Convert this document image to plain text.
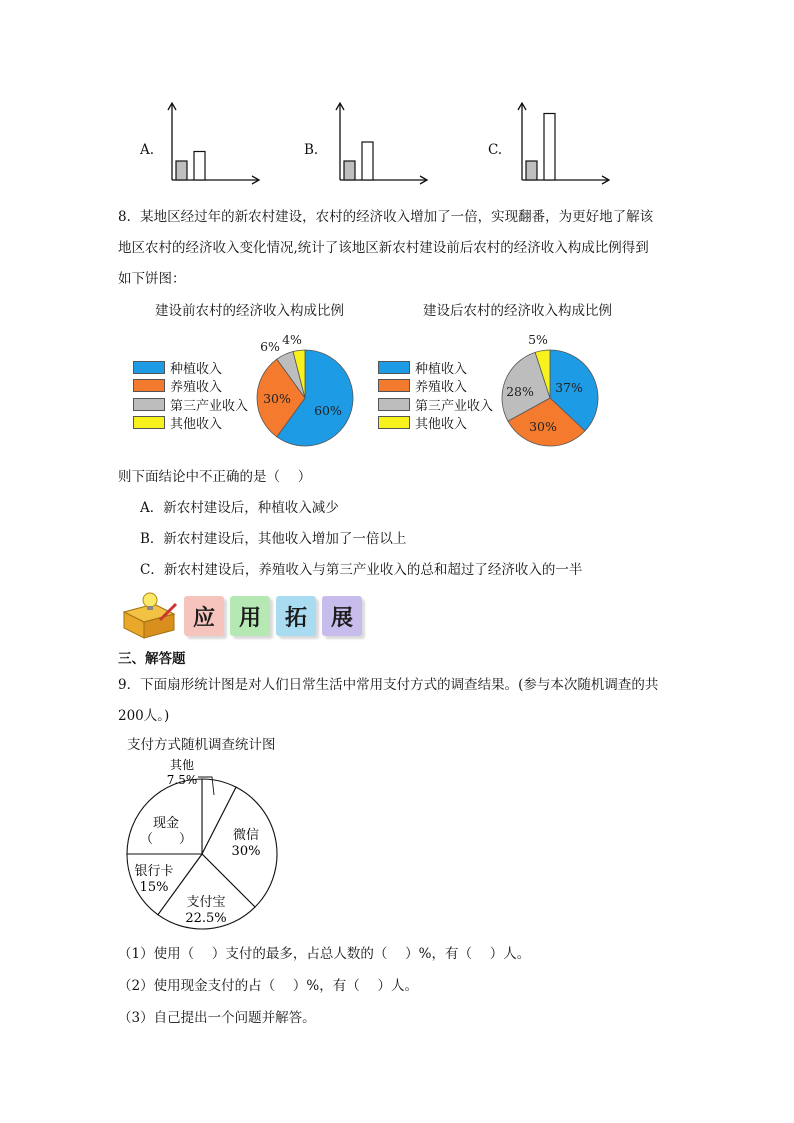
A.	B.	C.
8．某地区经过年的新农村建设，农村的经济收入增加了一倍，实现翻番，为更好地了解该
地区农村的经济收入变化情况,统计了该地区新农村建设前后农村的经济收入构成比例得到
如下饼图：
建设前农村的经济收入构成比例
种植收入
养殖收入
第三产业收入
其他收入
60%
30%
6% 4%
建设后农村的经济收入构成比例
种植收入
养殖收入
第三产业收入
其他收入
37%
30%
28%
5%
则下面结论中不正确的是（　 ）
A．新农村建设后，种植收入减少
B．新农村建设后，其他收入增加了一倍以上
C．新农村建设后，养殖收入与第三产业收入的总和超过了经济收入的一半
应	用	拓	展
三、解答题
9．下面扇形统计图是对人们日常生活中常用支付方式的调查结果。(参与本次随机调查的共
200人。)
支付方式随机调查统计图
其他
7.5%
现金
（　　）	微信
30%
银行卡
15%
支付宝
22.5%
（1）使用（　 ）支付的最多，占总人数的（　 ）%，有（　 ）人。
（2）使用现金支付的占（　 ）%，有（　 ）人。
（3）自己提出一个问题并解答。
